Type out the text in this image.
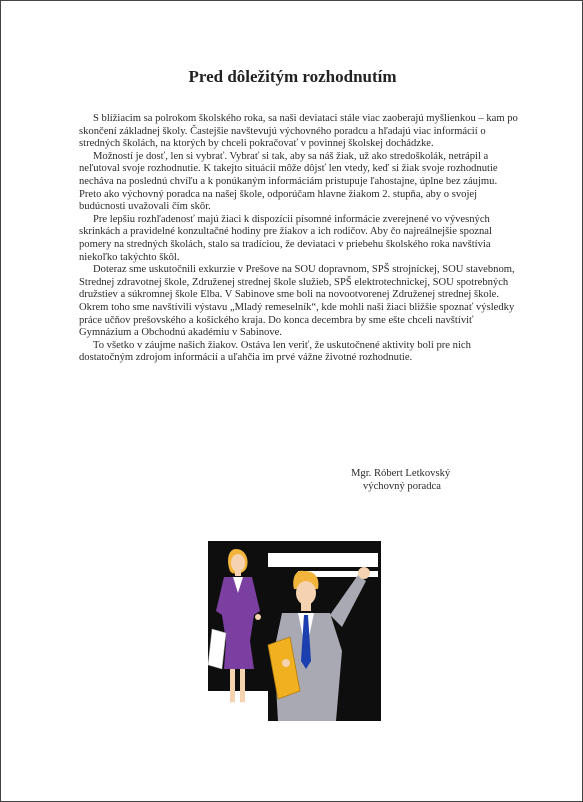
Pred dôležitým rozhodnutím

S blížiacim sa polrokom školského roka, sa naši deviataci stále viac zaoberajú myšlienkou – kam po skončení základnej školy. Častejšie navštevujú výchovného poradcu a hľadajú viac informácií o stredných školách, na ktorých by chceli pokračovať v povinnej školskej dochádzke.

Možností je dosť, len si vybrať. Vybrať si tak, aby sa náš žiak, už ako stredoškolák, netrápil a neľutoval svoje rozhodnutie. K takejto situácii môže dôjsť len vtedy, keď si žiak svoje rozhodnutie necháva na poslednú chvíľu a k ponúkaným informáciám pristupuje ľahostajne, úplne bez záujmu. Preto ako výchovný poradca na našej škole, odporúčam hlavne žiakom 2. stupňa, aby o svojej budúcnosti uvažovali čím skôr.

Pre lepšiu rozhľadenosť majú žiaci k dispozícii písomné informácie zverejnené vo vývesných skrinkách a pravidelné konzultačné hodiny pre žiakov a ich rodičov. Aby čo najreálnejšie spoznal pomery na stredných školách, stalo sa tradíciou, že deviataci v priebehu školského roka navštívia niekoľko takýchto škôl.

Doteraz sme uskutočnili exkurzie v Prešove na SOU dopravnom, SPŠ strojníckej, SOU stavebnom, Strednej zdravotnej škole, Združenej strednej škole služieb, SPŠ elektrotechnickej, SOU spotrebných družstiev a súkromnej škole Elba. V Sabinove sme boli na novootvorenej Združenej strednej škole. Okrem toho sme navštívili výstavu „Mladý remeselník“, kde mohli naši žiaci bližšie spoznať výsledky práce učňov prešovského a košického kraja. Do konca decembra by sme ešte chceli navštíviť Gymnázium a Obchodnú akadémiu v Sabinove.

To všetko v záujme našich žiakov. Ostáva len veriť, že uskutočnené aktivity boli pre nich dostatočným zdrojom informácií a uľahčia im prvé vážne životné rozhodnutie.

Mgr. Róbert Letkovský
výchovný poradca
